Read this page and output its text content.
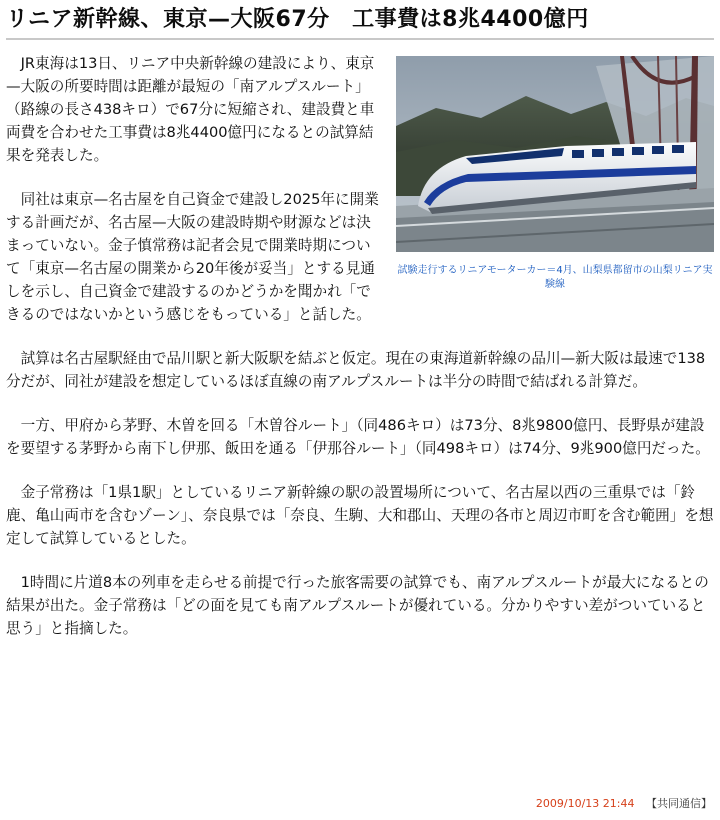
リニア新幹線、東京—大阪67分　工事費は8兆4400億円
試験走行するリニアモーターカー＝4月、山梨県都留市の山梨リニア実験線

JR東海は13日、リニア中央新幹線の建設により、東京—大阪の所要時間は距離が最短の「南アルプスルート」（路線の長さ438キロ）で67分に短縮され、建設費と車両費を合わせた工事費は8兆4400億円になるとの試算結果を発表した。

同社は東京—名古屋を自己資金で建設し2025年に開業する計画だが、名古屋—大阪の建設時期や財源などは決まっていない。金子慎常務は記者会見で開業時期について「東京—名古屋の開業から20年後が妥当」とする見通しを示し、自己資金で建設するのかどうかを聞かれ「できるのではないかという感じをもっている」と話した。

試算は名古屋駅経由で品川駅と新大阪駅を結ぶと仮定。現在の東海道新幹線の品川—新大阪は最速で138分だが、同社が建設を想定しているほぼ直線の南アルプスルートは半分の時間で結ばれる計算だ。

一方、甲府から茅野、木曽を回る「木曽谷ルート」（同486キロ）は73分、8兆9800億円、長野県が建設を要望する茅野から南下し伊那、飯田を通る「伊那谷ルート」（同498キロ）は74分、9兆900億円だった。

金子常務は「1県1駅」としているリニア新幹線の駅の設置場所について、名古屋以西の三重県では「鈴鹿、亀山両市を含むゾーン」、奈良県では「奈良、生駒、大和郡山、天理の各市と周辺市町を含む範囲」を想定して試算しているとした。

1時間に片道8本の列車を走らせる前提で行った旅客需要の試算でも、南アルプスルートが最大になるとの結果が出た。金子常務は「どの面を見ても南アルプスルートが優れている。分かりやすい差がついていると思う」と指摘した。

2009/10/13 21:44 【共同通信】
